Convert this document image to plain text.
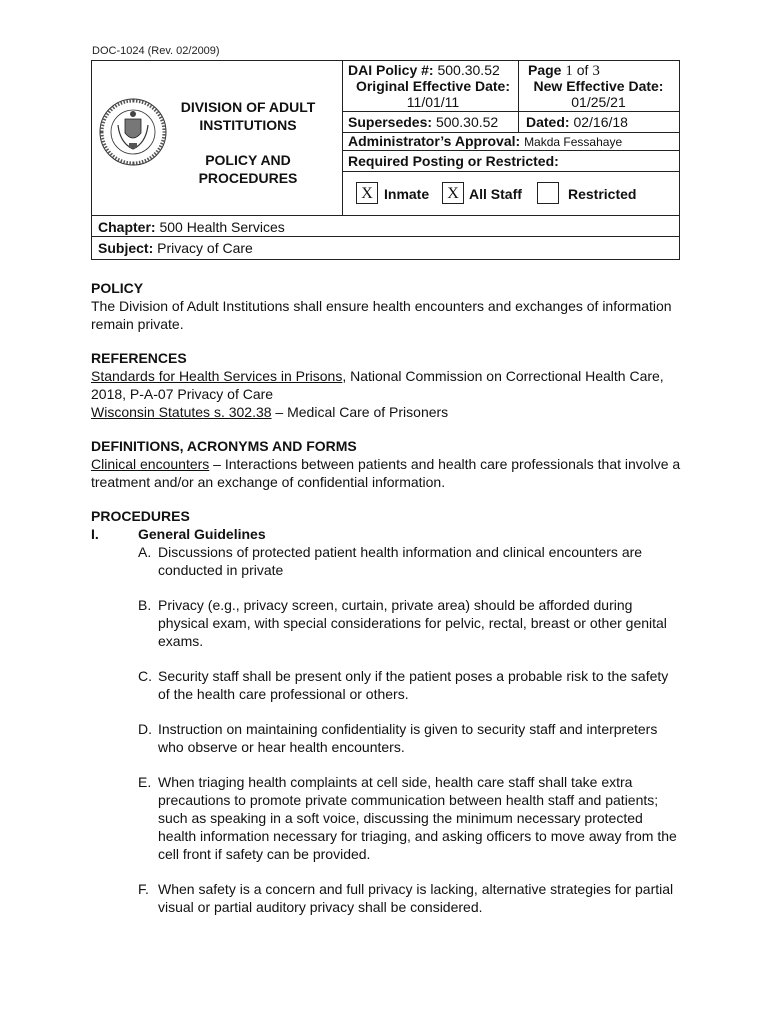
DOC-1024 (Rev. 02/2009)
DIVISION OF ADULT INSTITUTIONS
POLICY AND PROCEDURES
DAI Policy #: 500.30.52 Page 1 of 3
Original Effective Date:
11/01/11
New Effective Date:
01/25/21
Supersedes: 500.30.52 Dated: 02/16/18
Administrator’s Approval: Makda Fessahaye
Required Posting or Restricted:
X Inmate	X All Staff	Restricted
Chapter: 500 Health Services
Subject: Privacy of Care
POLICY

The Division of Adult Institutions shall ensure health encounters and exchanges of information remain private.

REFERENCES

Standards for Health Services in Prisons, National Commission on Correctional Health Care, 2018, P-A-07 Privacy of Care

Wisconsin Statutes s. 302.38 – Medical Care of Prisoners

DEFINITIONS, ACRONYMS AND FORMS

Clinical encounters – Interactions between patients and health care professionals that involve a treatment and/or an exchange of confidential information.

PROCEDURES
I.	General Guidelines
A. Discussions of protected patient health information and clinical encounters are conducted in private
B. Privacy (e.g., privacy screen, curtain, private area) should be afforded during physical exam, with special considerations for pelvic, rectal, breast or other genital exams.
C. Security staff shall be present only if the patient poses a probable risk to the safety of the health care professional or others.
D. Instruction on maintaining confidentiality is given to security staff and interpreters who observe or hear health encounters.
E. When triaging health complaints at cell side, health care staff shall take extra precautions to promote private communication between health staff and patients; such as speaking in a soft voice, discussing the minimum necessary protected health information necessary for triaging, and asking officers to move away from the cell front if safety can be provided.
F. When safety is a concern and full privacy is lacking, alternative strategies for partial visual or partial auditory privacy shall be considered.
